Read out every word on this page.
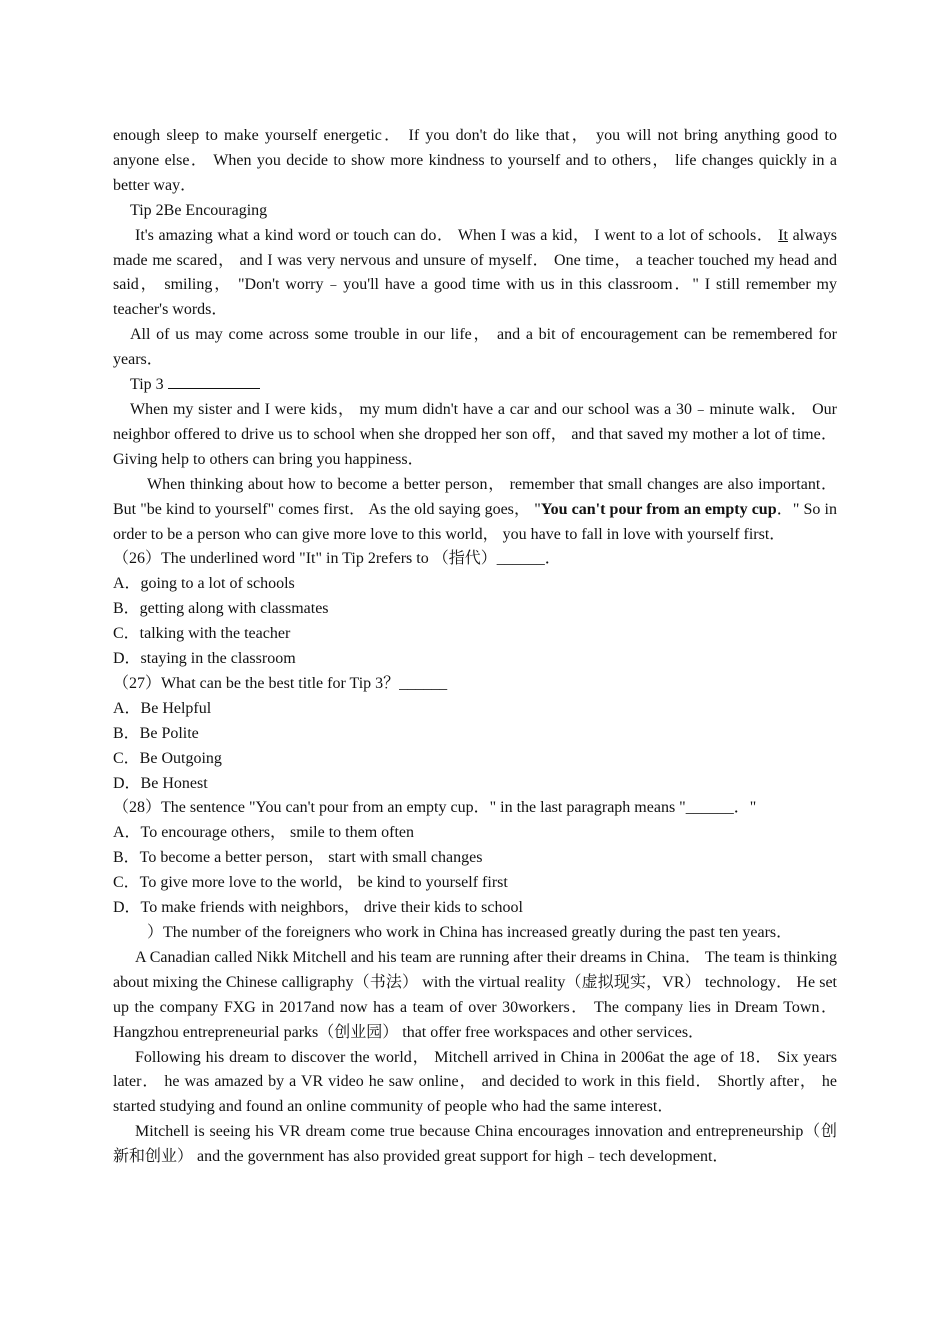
enough sleep to make yourself energetic． If you don't do like that， you will not bring anything good to anyone else． When you decide to show more kindness to yourself and to others， life changes quickly in a better way．

Tip 2Be Encouraging

It's amazing what a kind word or touch can do． When I was a kid， I went to a lot of schools． It always made me scared， and I was very nervous and unsure of myself． One time， a teacher touched my head and said， smiling， "Don't worry﹣you'll have a good time with us in this classroom．" I still remember my teacher's words．

All of us may come across some trouble in our life， and a bit of encouragement can be remembered for years．

Tip 3

When my sister and I were kids， my mum didn't have a car and our school was a 30﹣minute walk． Our neighbor offered to drive us to school when she dropped her son off， and that saved my mother a lot of time． Giving help to others can bring you happiness．

When thinking about how to become a better person， remember that small changes are also important． But "be kind to yourself" comes first． As the old saying goes， "You can't pour from an empty cup．" So in order to be a person who can give more love to this world， you have to fall in love with yourself first．

（26）The underlined word "It" in Tip 2refers to （指代）______．

A．going to a lot of schools

B．getting along with classmates

C．talking with the teacher

D．staying in the classroom

（27）What can be the best title for Tip 3？______

A．Be Helpful

B．Be Polite

C．Be Outgoing

D．Be Honest

（28）The sentence "You can't pour from an empty cup．" in the last paragraph means "______．"

A．To encourage others， smile to them often

B．To become a better person， start with small changes

C．To give more love to the world， be kind to yourself first

D．To make friends with neighbors， drive their kids to school

）The number of the foreigners who work in China has increased greatly during the past ten years．

A Canadian called Nikk Mitchell and his team are running after their dreams in China． The team is thinking about mixing the Chinese calligraphy（书法） with the virtual reality（虚拟现实，VR） technology． He set up the company FXG in 2017and now has a team of over 30workers． The company lies in Dream Town． Hangzhou entrepreneurial parks（创业园） that offer free workspaces and other services．

Following his dream to discover the world， Mitchell arrived in China in 2006at the age of 18． Six years later． he was amazed by a VR video he saw online， and decided to work in this field． Shortly after， he started studying and found an online community of people who had the same interest．

Mitchell is seeing his VR dream come true because China encourages innovation and entrepreneurship（创新和创业） and the government has also provided great support for high﹣tech development．
